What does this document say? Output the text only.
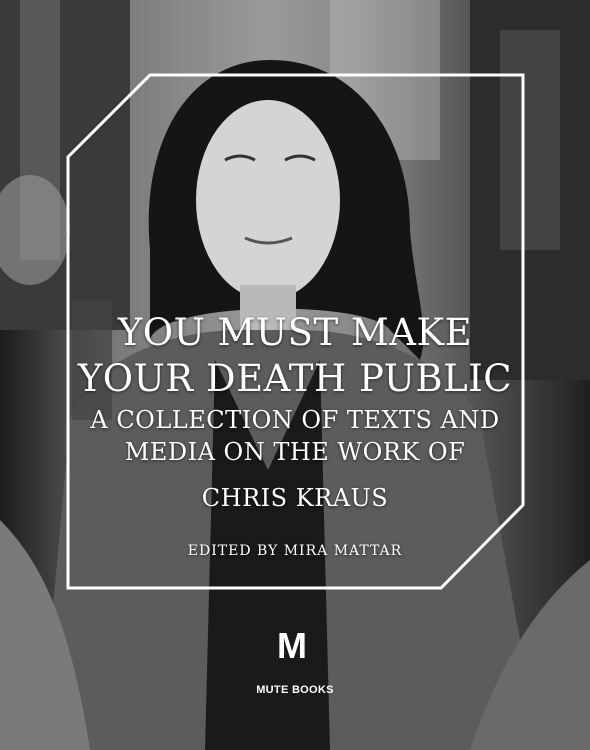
YOU MUST MAKE
YOUR DEATH PUBLIC
A COLLECTION OF TEXTS AND
MEDIA ON THE WORK OF
CHRIS KRAUS
EDITED BY MIRA MATTAR
M
MUTE BOOKS
